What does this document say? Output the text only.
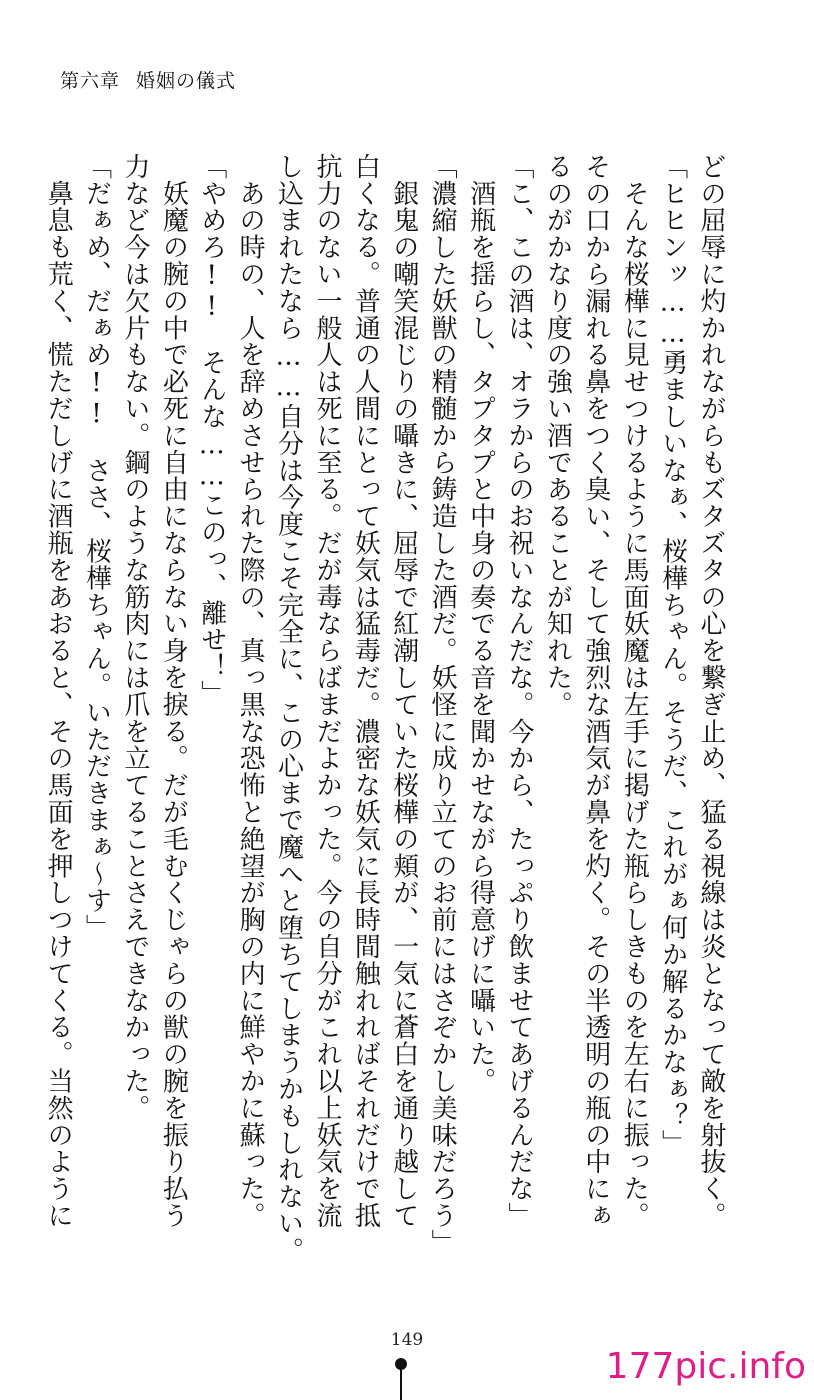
第六章 婚姻の儀式

どの屈辱に灼かれながらもズタズタの心を繋ぎ止め、猛る視線は炎となって敵を射抜く。

「ヒヒンッ……勇ましいなぁ、桜樺ちゃん。そうだ、これがぁ何か解るかなぁ？」

　そんな桜樺に見せつけるように馬面妖魔は左手に掲げた瓶らしきものを左右に振った。

その口から漏れる鼻をつく臭い、そして強烈な酒気が鼻を灼く。その半透明の瓶の中にぁ

るのがかなり度の強い酒であることが知れた。

「こ、この酒は、オラからのお祝いなんだな。今から、たっぷり飲ませてあげるんだな」

　酒瓶を揺らし、タプタプと中身の奏でる音を聞かせながら得意げに囁いた。

「濃縮した妖獣の精髄から鋳造した酒だ。妖怪に成り立てのお前にはさぞかし美味だろう」

　銀鬼の嘲笑混じりの囁きに、屈辱で紅潮していた桜樺の頬が、一気に蒼白を通り越して

白くなる。普通の人間にとって妖気は猛毒だ。濃密な妖気に長時間触れればそれだけで抵

抗力のない一般人は死に至る。だが毒ならばまだよかった。今の自分がこれ以上妖気を流

し込まれたなら……自分は今度こそ完全に、この心まで魔へと堕ちてしまうかもしれない。

　あの時の、人を辞めさせられた際の、真っ黒な恐怖と絶望が胸の内に鮮やかに蘇った。

「やめろ!!　そんな……このっ、離せ！」

　妖魔の腕の中で必死に自由にならない身を捩る。だが毛むくじゃらの獣の腕を振り払う

力など今は欠片もない。鋼のような筋肉には爪を立てることさえできなかった。

「だぁめ、だぁめ!!　ささ、桜樺ちゃん。いただきまぁ～す」

　鼻息も荒く、慌ただしげに酒瓶をあおると、その馬面を押しつけてくる。当然のように

149
177pic.info
